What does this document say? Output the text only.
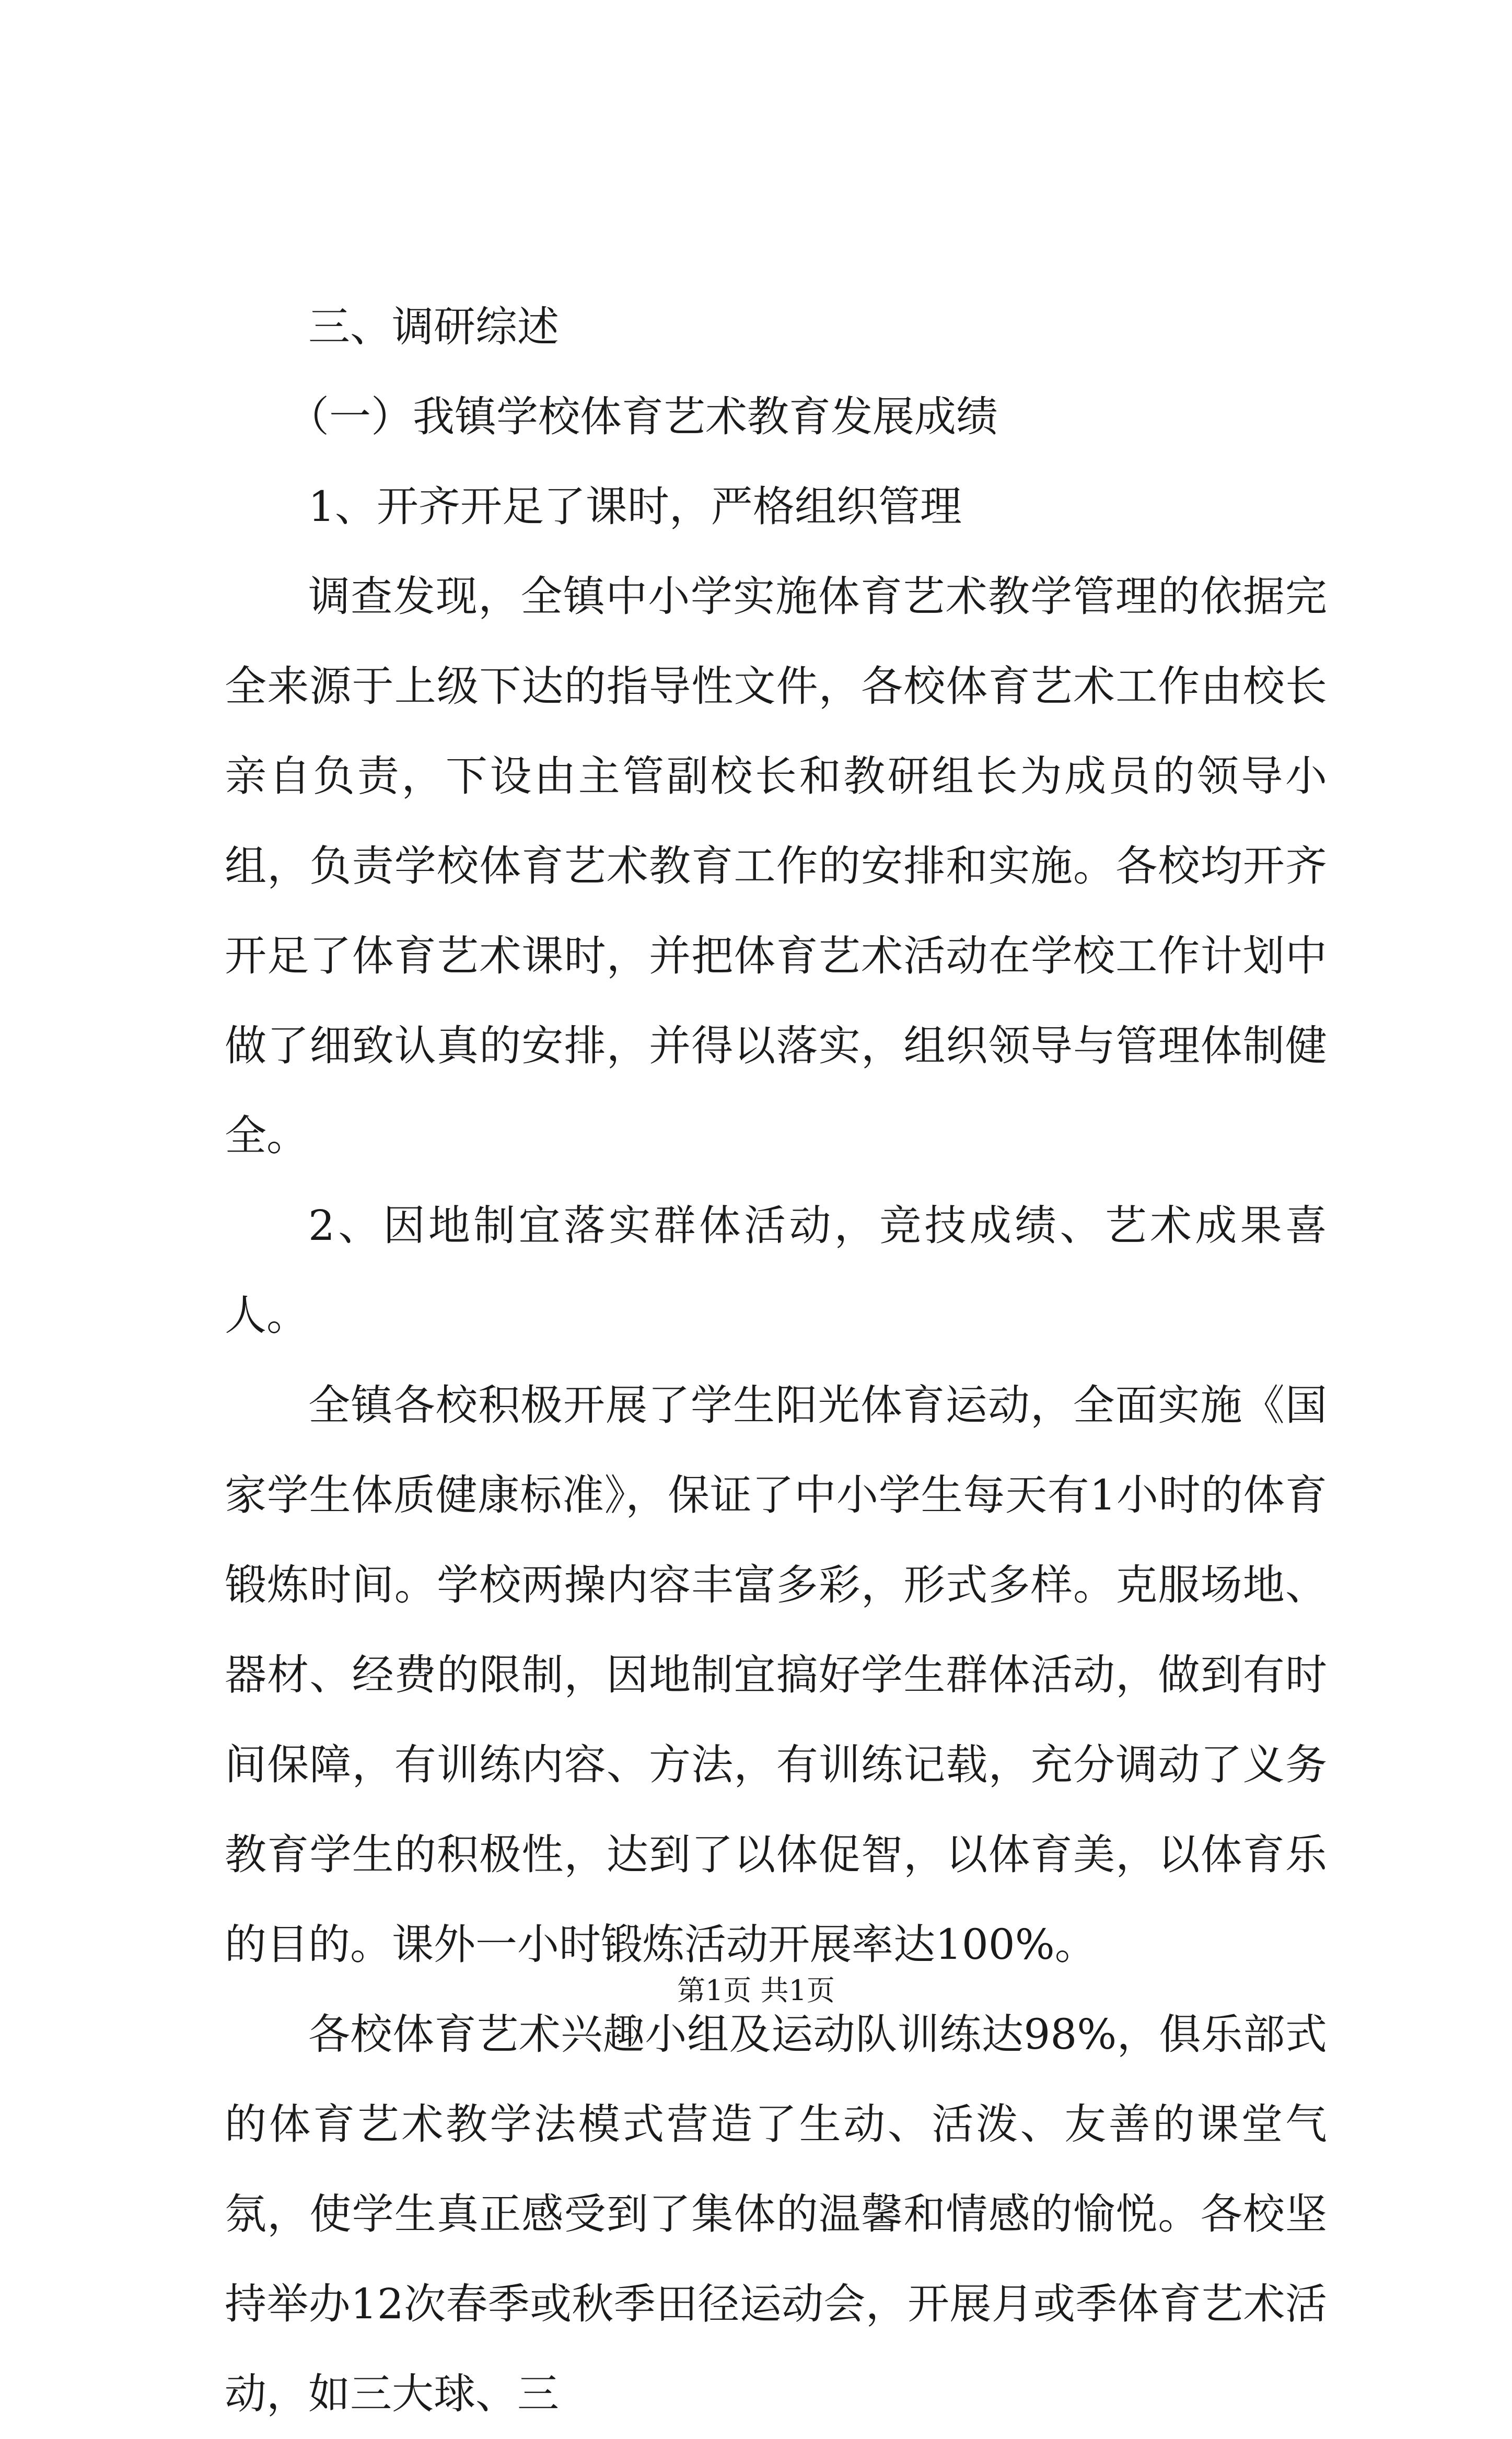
三、调研综述

（一）我镇学校体育艺术教育发展成绩

1、开齐开足了课时，严格组织管理

调查发现，全镇中小学实施体育艺术教学管理的依据完全来源于上级下达的指导性文件，各校体育艺术工作由校长亲自负责，下设由主管副校长和教研组长为成员的领导小组，负责学校体育艺术教育工作的安排和实施。各校均开齐开足了体育艺术课时，并把体育艺术活动在学校工作计划中做了细致认真的安排，并得以落实，组织领导与管理体制健全。

2、因地制宜落实群体活动，竞技成绩、艺术成果喜人。

全镇各校积极开展了学生阳光体育运动，全面实施《国家学生体质健康标准》，保证了中小学生每天有1小时的体育锻炼时间。学校两操内容丰富多彩，形式多样。克服场地、器材、经费的限制，因地制宜搞好学生群体活动，做到有时间保障，有训练内容、方法，有训练记载，充分调动了义务教育学生的积极性，达到了以体促智，以体育美，以体育乐的目的。课外一小时锻炼活动开展率达100%。

各校体育艺术兴趣小组及运动队训练达98%，俱乐部式的体育艺术教学法模式营造了生动、活泼、友善的课堂气氛，使学生真正感受到了集体的温馨和情感的愉悦。各校坚持举办12次春季或秋季田径运动会，开展月或季体育艺术活动，如三大球、三

第1页 共1页
